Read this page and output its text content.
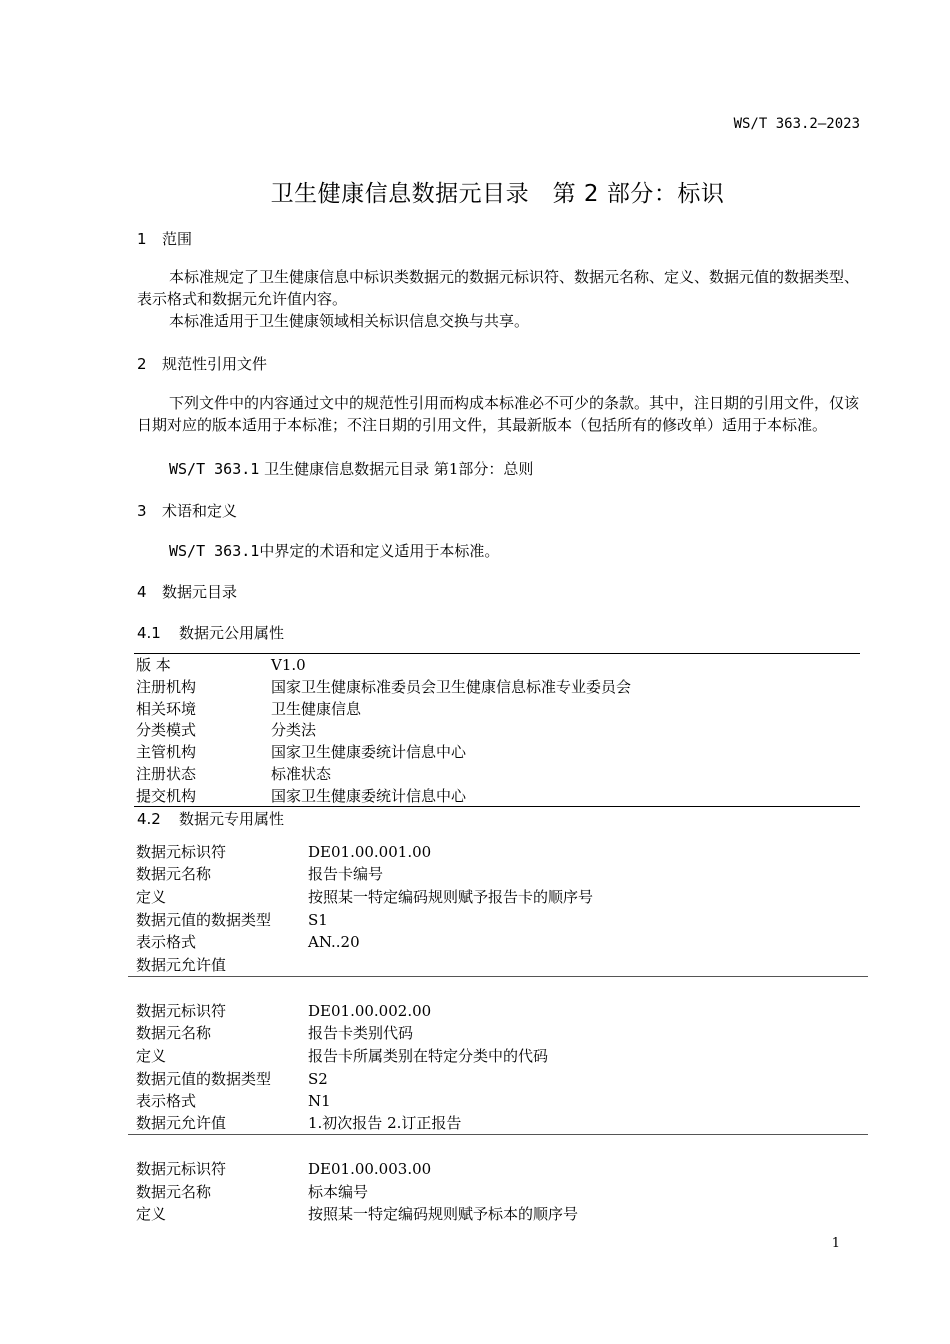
WS/T 363.2—2023
卫生健康信息数据元目录　第 2 部分：标识
1 范围
本标准规定了卫生健康信息中标识类数据元的数据元标识符、数据元名称、定义、数据元值的数据类型、表示格式和数据元允许值内容。
本标准适用于卫生健康领域相关标识信息交换与共享。
2 规范性引用文件
下列文件中的内容通过文中的规范性引用而构成本标准必不可少的条款。其中，注日期的引用文件，仅该日期对应的版本适用于本标准；不注日期的引用文件，其最新版本（包括所有的修改单）适用于本标准。
WS/T 363.1 卫生健康信息数据元目录 第1部分：总则
3 术语和定义
WS/T 363.1中界定的术语和定义适用于本标准。
4 数据元目录
4.1 数据元公用属性
版 本	V1.0
注册机构	国家卫生健康标准委员会卫生健康信息标准专业委员会
相关环境	卫生健康信息
分类模式	分类法
主管机构	国家卫生健康委统计信息中心
注册状态	标准状态
提交机构	国家卫生健康委统计信息中心
4.2 数据元专用属性
数据元标识符	DE01.00.001.00
数据元名称	报告卡编号
定义	按照某一特定编码规则赋予报告卡的顺序号
数据元值的数据类型 S1
表示格式	AN..20
数据元允许值
数据元标识符	DE01.00.002.00
数据元名称	报告卡类别代码
定义	报告卡所属类别在特定分类中的代码
数据元值的数据类型 S2
表示格式	N1
数据元允许值	1.初次报告 2.订正报告
数据元标识符	DE01.00.003.00
数据元名称	标本编号
定义	按照某一特定编码规则赋予标本的顺序号
1
